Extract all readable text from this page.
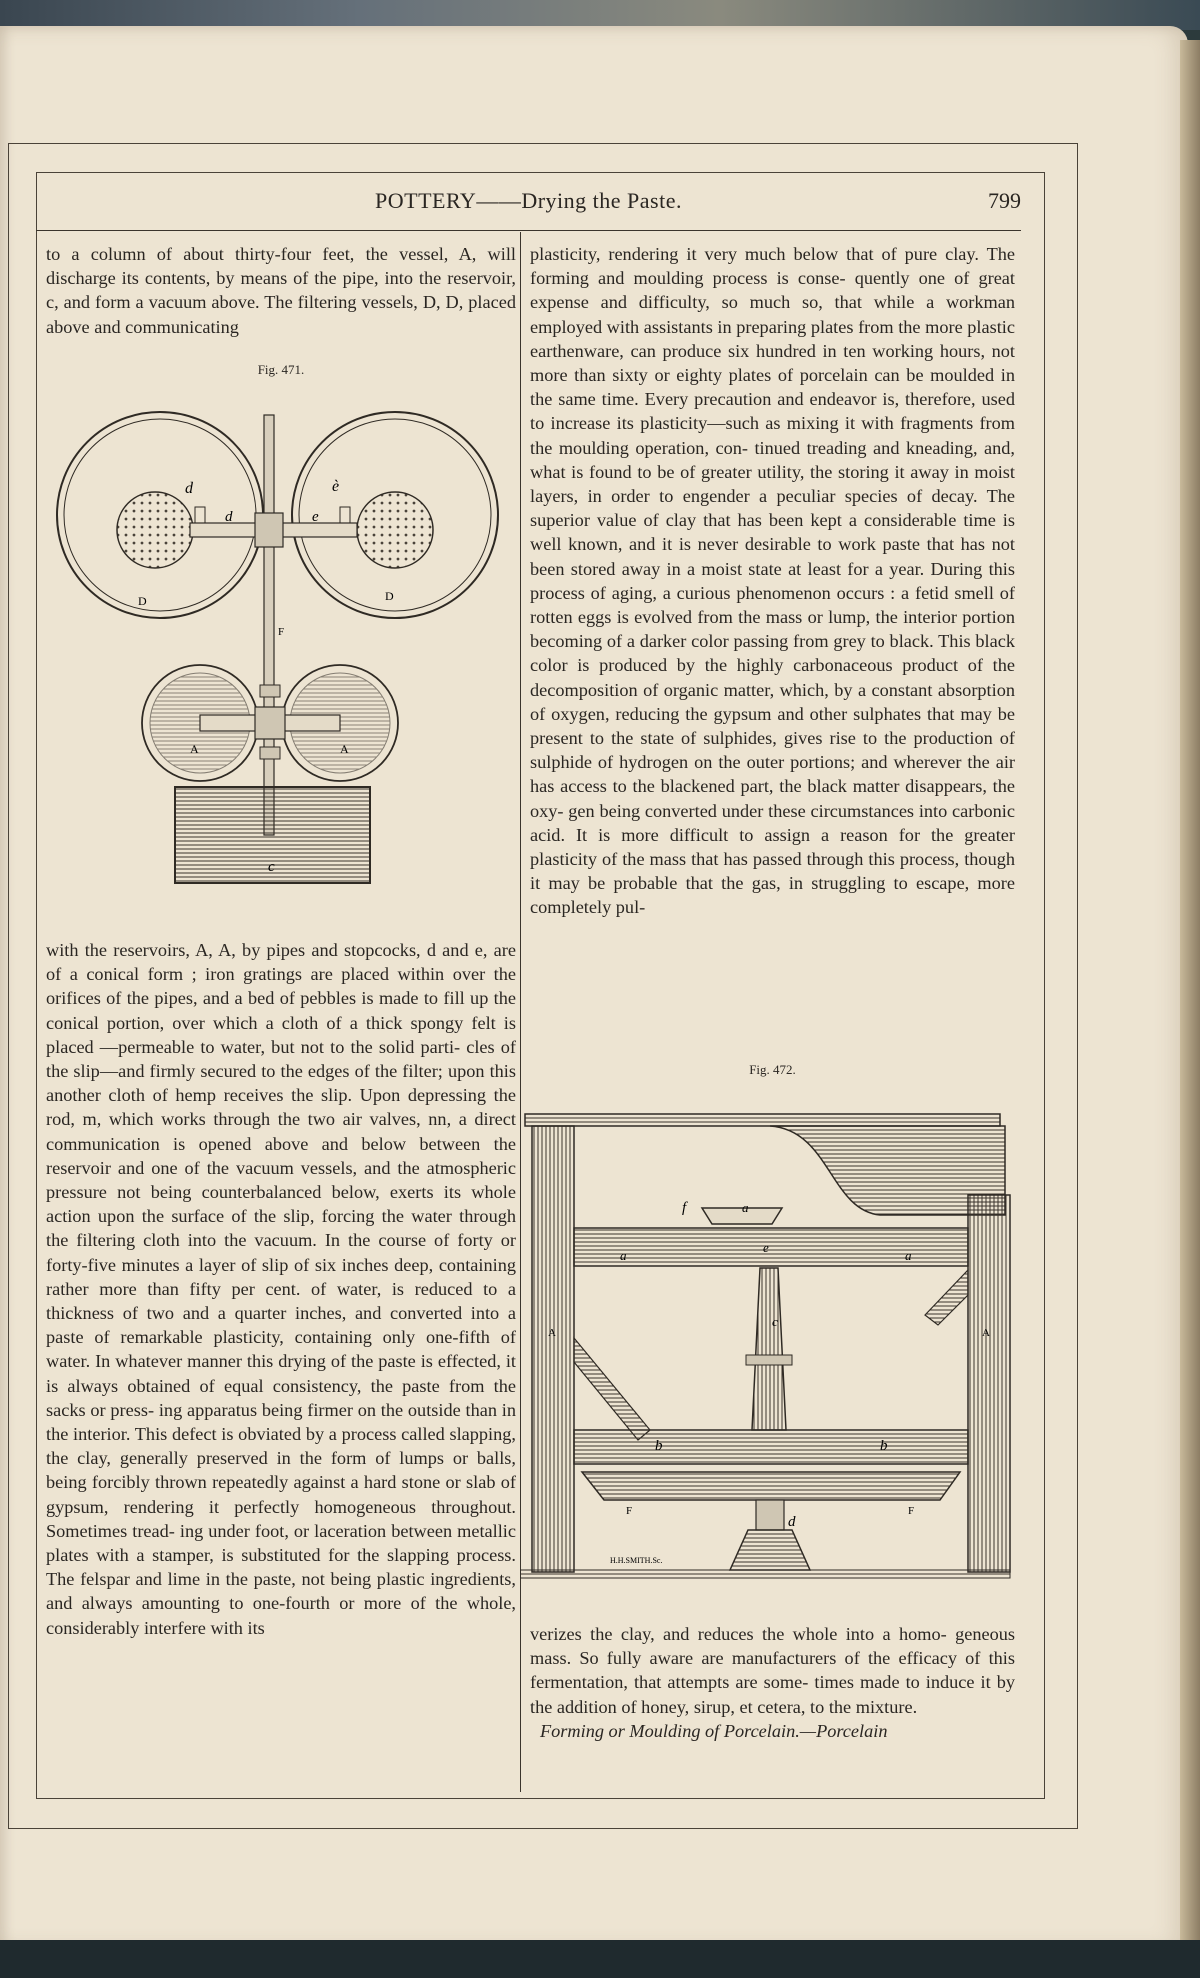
POTTERY——Drying the Paste.	799

to a column of about thirty-four feet, the vessel, A, will discharge its contents, by means of the pipe, into the reservoir, c, and form a vacuum above. The filtering vessels, D, D, placed above and communicating

Fig. 471.
d
d
è
e
D	D
F
A	A
c

with the reservoirs, A, A, by pipes and stopcocks, d and e, are of a conical form ; iron gratings are placed within over the orifices of the pipes, and a bed of pebbles is made to fill up the conical portion, over which a cloth of a thick spongy felt is placed —permeable to water, but not to the solid parti- cles of the slip—and firmly secured to the edges of the filter; upon this another cloth of hemp receives the slip. Upon depressing the rod, m, which works through the two air valves, nn, a direct communication is opened above and below between the reservoir and one of the vacuum vessels, and the atmospheric pressure not being counterbalanced below, exerts its whole action upon the surface of the slip, forcing the water through the filtering cloth into the vacuum. In the course of forty or forty-five minutes a layer of slip of six inches deep, containing rather more than fifty per cent. of water, is reduced to a thickness of two and a quarter inches, and converted into a paste of remarkable plasticity, containing only one-fifth of water. In whatever manner this drying of the paste is effected, it is always obtained of equal consistency, the paste from the sacks or press- ing apparatus being firmer on the outside than in the interior. This defect is obviated by a process called slapping, the clay, generally preserved in the form of lumps or balls, being forcibly thrown repeatedly against a hard stone or slab of gypsum, rendering it perfectly homogeneous throughout. Sometimes tread- ing under foot, or laceration between metallic plates with a stamper, is substituted for the slapping process. The felspar and lime in the paste, not being plastic ingredients, and always amounting to one-fourth or more of the whole, considerably interfere with its

plasticity, rendering it very much below that of pure clay. The forming and moulding process is conse- quently one of great expense and difficulty, so much so, that while a workman employed with assistants in preparing plates from the more plastic earthenware, can produce six hundred in ten working hours, not more than sixty or eighty plates of porcelain can be moulded in the same time. Every precaution and endeavor is, therefore, used to increase its plasticity—such as mixing it with fragments from the moulding operation, con- tinued treading and kneading, and, what is found to be of greater utility, the storing it away in moist layers, in order to engender a peculiar species of decay. The superior value of clay that has been kept a considerable time is well known, and it is never desirable to work paste that has not been stored away in a moist state at least for a year. During this process of aging, a curious phenomenon occurs : a fetid smell of rotten eggs is evolved from the mass or lump, the interior portion becoming of a darker color passing from grey to black. This black color is produced by the highly carbonaceous product of the decomposition of organic matter, which, by a constant absorption of oxygen, reducing the gypsum and other sulphates that may be present to the state of sulphides, gives rise to the production of sulphide of hydrogen on the outer portions; and wherever the air has access to the blackened part, the black matter disappears, the oxy- gen being converted under these circumstances into carbonic acid. It is more difficult to assign a reason for the greater plasticity of the mass that has passed through this process, though it may be probable that the gas, in struggling to escape, more completely pul-

Fig. 472.
f	a
a	a
e
c
b	b
A	A
F	F
d
H.H.SMITH.Sc.

verizes the clay, and reduces the whole into a homo- geneous mass. So fully aware are manufacturers of the efficacy of this fermentation, that attempts are some- times made to induce it by the addition of honey, sirup, et cetera, to the mixture.

Forming or Moulding of Porcelain.—Porcelain
